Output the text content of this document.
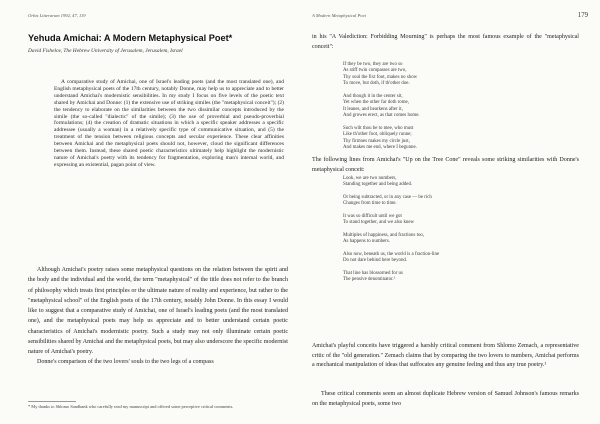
Orbis Litterarum 1992, 47, 119
Yehuda Amichai: A Modern Metaphysical Poet*
David Fishelov, The Hebrew University of Jerusalem, Jerusalem, Israel

A comparative study of Amichai, one of Israel's leading poets (and the most translated one), and English metaphysical poets of the 17th century, notably Donne, may help us to appreciate and to better understand Amichai's modernistic sensibilities. In my study I focus on five levels of the poetic text shared by Amichai and Donne: (1) the extensive use of striking similes (the "metaphysical conceit"); (2) the tendency to elaborate on the similarities between the two dissimilar concepts introduced by the simile (the so-called "dialectic" of the simile); (3) the use of proverbial and pseudo-proverbial formulations; (4) the creation of dramatic situations in which a specific speaker addresses a specific addressee (usually a woman) in a relatively specific type of communicative situation, and (5) the treatment of the tension between religious concepts and secular experience. These clear affinities between Amichai and the metaphysical poets should not, however, cloud the significant differences between them. Instead, these shared poetic characteristics ultimately help highlight the modernistic nature of Amichai's poetry with its tendency for fragmentation, exploring man's internal world, and expressing an existential, pagan point of view.

Although Amichai's poetry raises some metaphysical questions on the relation between the spirit and the body and the individual and the world, the term "metaphysical" of the title does not refer to the branch of philosophy which treats first principles or the ultimate nature of reality and experience, but rather to the "metaphysical school" of the English poets of the 17th century, notably John Donne. In this essay I would like to suggest that a comparative study of Amichai, one of Israel's leading poets (and the most translated one), and the metaphysical poets may help us appreciate and to better understand certain poetic characteristics of Amichai's modernistic poetry. Such a study may not only illuminate certain poetic sensibilities shared by Amichai and the metaphysical poets, but may also underscore the specific modernist nature of Amichai's poetry.

Donne's comparison of the two lovers' souls to the two legs of a compass

* My thanks to Shlomo Sandbank who carefully read my manuscript and offered some perceptive critical comments.
A Modern Metaphysical Poet	179
in his "A Valediction: Forbidding Mourning" is perhaps the most famous example of the "metaphysical conceit":
If they be two, they are two so
As stiff twin compasses are two,
Thy soul the fixt foot, makes no show
To move, but doth, if th'other doe.
And though it in the center sit,
Yet when the other far doth rome,
It leanes, and hearkens after it,
And growes erect, as that comes home.
Such wilt thou be to mee, who must
Like th'other foot, obliquely runne;
Thy firmnes makes my circle just,
And makes me end, where I begunne.
The following lines from Amichai's "Up on the Tree Cone" reveals some striking similarities with Donne's metaphysical conceit:
Look, we are two numbers,
Standing together and being added.
Or being subtracted, or in any case — be rich
Changes from time to time.
It was so difficult until we got
To stand together, and we also knew
Multiples of happiness, and fractions too,
As happens to numbers.
Also now, beneath us, the world is a fraction-line
Do not dare behind here beyond.
That line has blossomed for us
The pensive denominator.¹
Amichai's playful conceits have triggered a harshly critical comment from Shlomo Zemach, a representative critic of the "old generation." Zemach claims that by comparing the two lovers to numbers, Amichai performs a mechanical manipulation of ideas that suffocates any genuine feeling and thus any true poetry.¹
These critical comments seem an almost duplicate Hebrew version of Samuel Johnson's famous remarks on the metaphysical poets, some two
